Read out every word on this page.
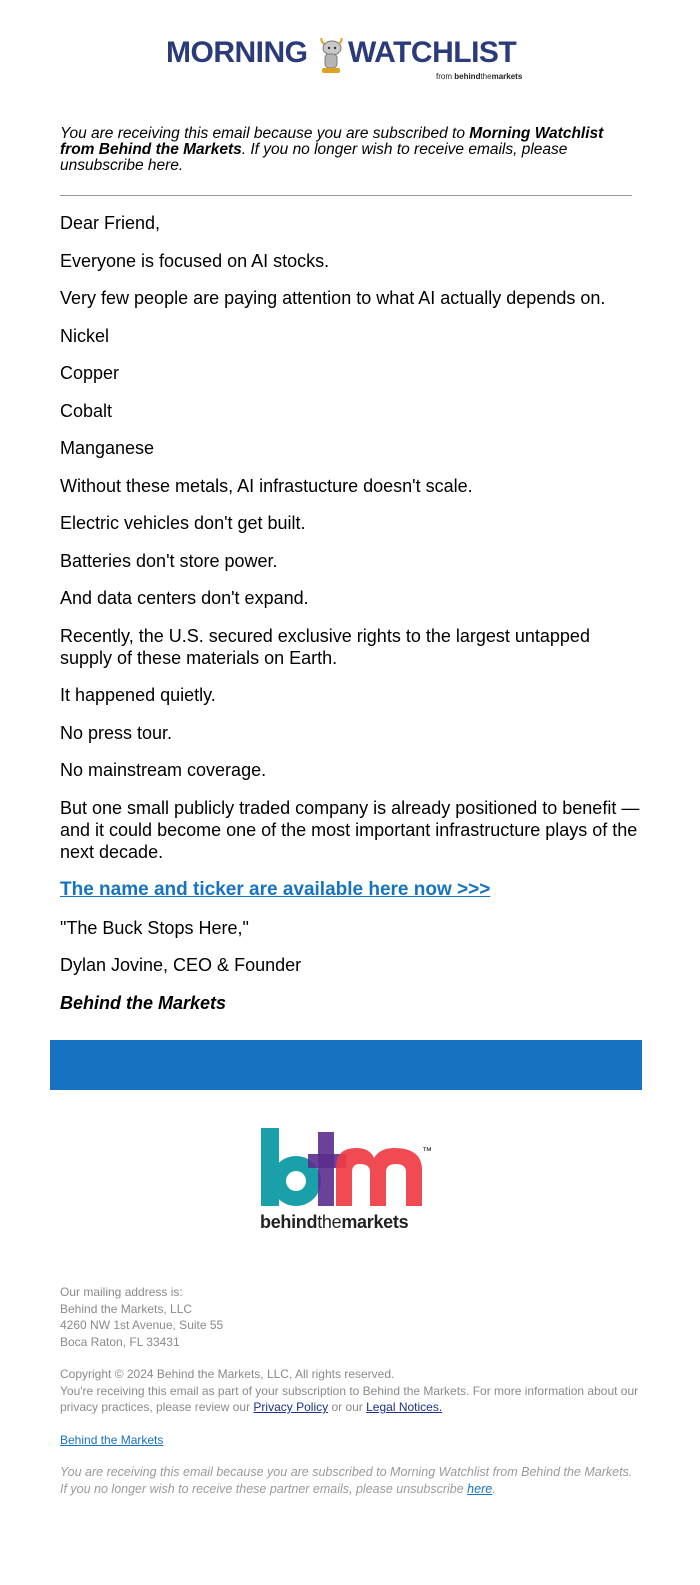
MORNING WATCHLIST
from behindthemarkets
You are receiving this email because you are subscribed to Morning Watchlist from Behind the Markets. If you no longer wish to receive emails, please unsubscribe here.

Dear Friend,

Everyone is focused on AI stocks.

Very few people are paying attention to what AI actually depends on.

Nickel

Copper

Cobalt

Manganese

Without these metals, AI infrastucture doesn't scale.

Electric vehicles don't get built.

Batteries don't store power.

And data centers don't expand.

Recently, the U.S. secured exclusive rights to the largest untapped supply of these materials on Earth.

It happened quietly.

No press tour.

No mainstream coverage.

But one small publicly traded company is already positioned to benefit — and it could become one of the most important infrastructure plays of the next decade.

The name and ticker are available here now >>>

"The Buck Stops Here,"

Dylan Jovine, CEO & Founder

Behind the Markets

™
behindthemarkets

Our mailing address is:
Behind the Markets, LLC
4260 NW 1st Avenue, Suite 55
Boca Raton, FL 33431

Copyright © 2024 Behind the Markets, LLC, All rights reserved.
You're receiving this email as part of your subscription to Behind the Markets. For more information about our privacy practices, please review our Privacy Policy or our Legal Notices.

Behind the Markets

You are receiving this email because you are subscribed to Morning Watchlist from Behind the Markets. If you no longer wish to receive these partner emails, please unsubscribe here.
